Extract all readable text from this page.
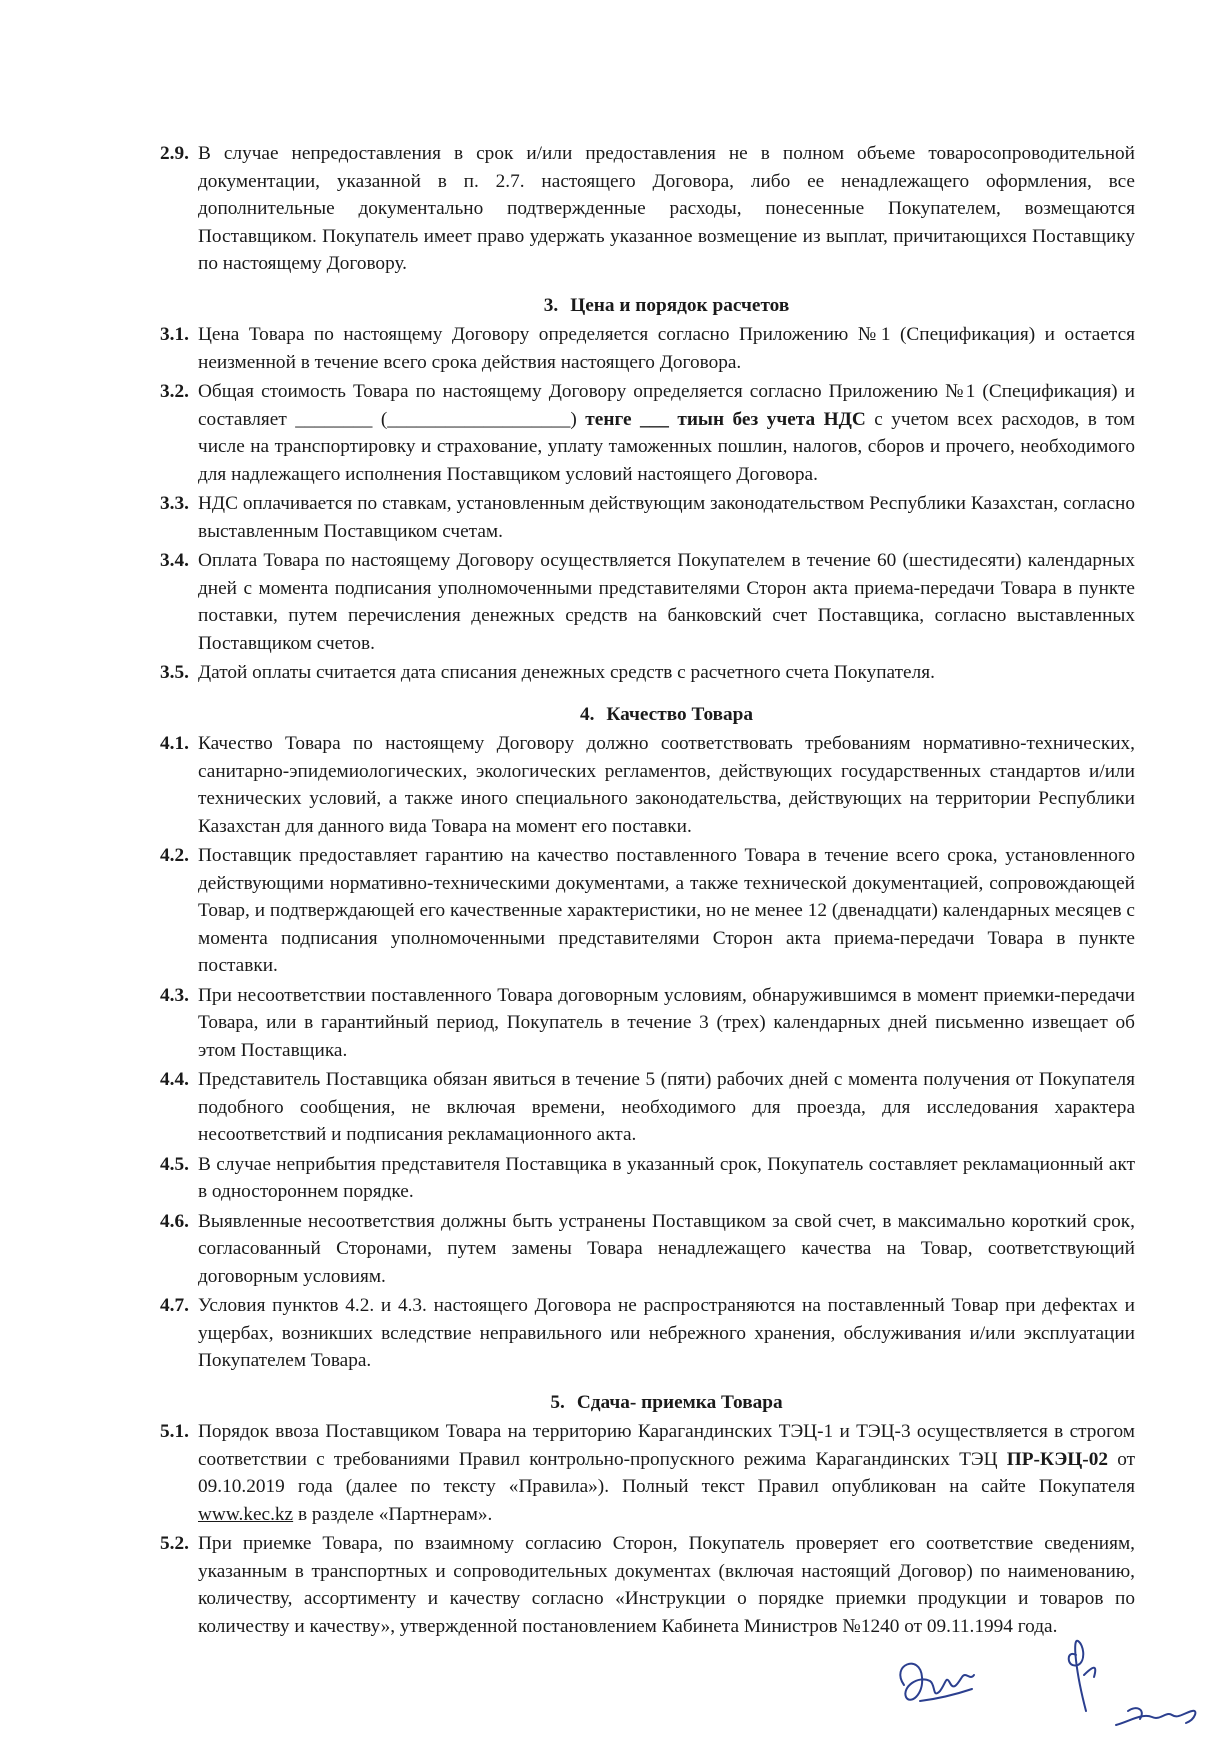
2.9. В случае непредоставления в срок и/или предоставления не в полном объеме товаросопроводительной документации, указанной в п. 2.7. настоящего Договора, либо ее ненадлежащего оформления, все дополнительные документально подтвержденные расходы, понесенные Покупателем, возмещаются Поставщиком. Покупатель имеет право удержать указанное возмещение из выплат, причитающихся Поставщику по настоящему Договору.
3. Цена и порядок расчетов
3.1. Цена Товара по настоящему Договору определяется согласно Приложению №1 (Спецификация) и остается неизменной в течение всего срока действия настоящего Договора.
3.2. Общая стоимость Товара по настоящему Договору определяется согласно Приложению №1 (Спецификация) и составляет ________ (___________________) тенге ___ тиын без учета НДС с учетом всех расходов, в том числе на транспортировку и страхование, уплату таможенных пошлин, налогов, сборов и прочего, необходимого для надлежащего исполнения Поставщиком условий настоящего Договора.
3.3. НДС оплачивается по ставкам, установленным действующим законодательством Республики Казахстан, согласно выставленным Поставщиком счетам.
3.4. Оплата Товара по настоящему Договору осуществляется Покупателем в течение 60 (шестидесяти) календарных дней с момента подписания уполномоченными представителями Сторон акта приема-передачи Товара в пункте поставки, путем перечисления денежных средств на банковский счет Поставщика, согласно выставленных Поставщиком счетов.
3.5. Датой оплаты считается дата списания денежных средств с расчетного счета Покупателя.
4. Качество Товара
4.1. Качество Товара по настоящему Договору должно соответствовать требованиям нормативно-технических, санитарно-эпидемиологических, экологических регламентов, действующих государственных стандартов и/или технических условий, а также иного специального законодательства, действующих на территории Республики Казахстан для данного вида Товара на момент его поставки.
4.2. Поставщик предоставляет гарантию на качество поставленного Товара в течение всего срока, установленного действующими нормативно-техническими документами, а также технической документацией, сопровождающей Товар, и подтверждающей его качественные характеристики, но не менее 12 (двенадцати) календарных месяцев с момента подписания уполномоченными представителями Сторон акта приема-передачи Товара в пункте поставки.
4.3. При несоответствии поставленного Товара договорным условиям, обнаружившимся в момент приемки-передачи Товара, или в гарантийный период, Покупатель в течение 3 (трех) календарных дней письменно извещает об этом Поставщика.
4.4. Представитель Поставщика обязан явиться в течение 5 (пяти) рабочих дней с момента получения от Покупателя подобного сообщения, не включая времени, необходимого для проезда, для исследования характера несоответствий и подписания рекламационного акта.
4.5. В случае неприбытия представителя Поставщика в указанный срок, Покупатель составляет рекламационный акт в одностороннем порядке.
4.6. Выявленные несоответствия должны быть устранены Поставщиком за свой счет, в максимально короткий срок, согласованный Сторонами, путем замены Товара ненадлежащего качества на Товар, соответствующий договорным условиям.
4.7. Условия пунктов 4.2. и 4.3. настоящего Договора не распространяются на поставленный Товар при дефектах и ущербах, возникших вследствие неправильного или небрежного хранения, обслуживания и/или эксплуатации Покупателем Товара.
5. Сдача- приемка Товара
5.1. Порядок ввоза Поставщиком Товара на территорию Карагандинских ТЭЦ-1 и ТЭЦ-3 осуществляется в строгом соответствии с требованиями Правил контрольно-пропускного режима Карагандинских ТЭЦ ПР-КЭЦ-02 от 09.10.2019 года (далее по тексту «Правила»). Полный текст Правил опубликован на сайте Покупателя www.kec.kz в разделе «Партнерам».
5.2. При приемке Товара, по взаимному согласию Сторон, Покупатель проверяет его соответствие сведениям, указанным в транспортных и сопроводительных документах (включая настоящий Договор) по наименованию, количеству, ассортименту и качеству согласно «Инструкции о порядке приемки продукции и товаров по количеству и качеству», утвержденной постановлением Кабинета Министров №1240 от 09.11.1994 года.
